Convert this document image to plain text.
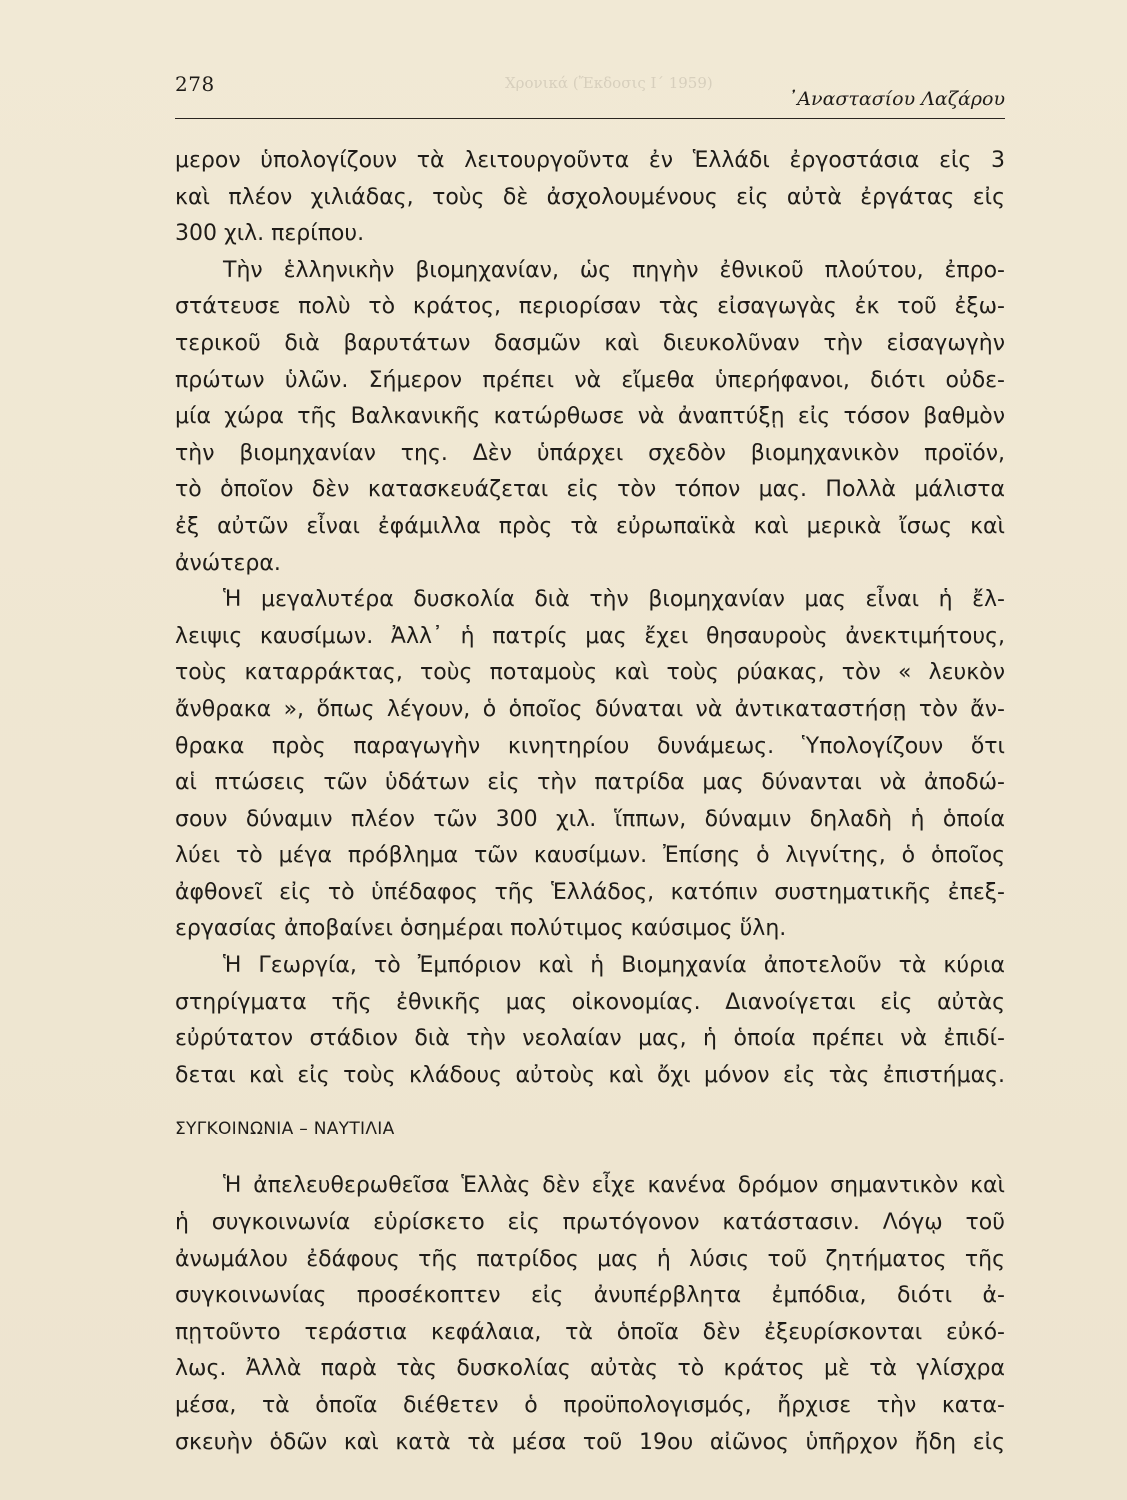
Χρονικά (Ἔκδοσις Ι΄ 1959)
278
᾿Αναστασίου Λαζάρου
μερον ὑπολογίζουν τὰ λειτουργοῦντα ἐν Ἑλλάδι ἐργοστάσια εἰς 3
καὶ πλέον χιλιάδας, τοὺς δὲ ἀσχολουμένους εἰς αὐτὰ ἐργάτας εἰς
300 χιλ. περίπου.
Τὴν ἑλληνικὴν βιομηχανίαν, ὡς πηγὴν ἐθνικοῦ πλούτου, ἐπρο-
στάτευσε πολὺ τὸ κράτος, περιορίσαν τὰς εἰσαγωγὰς ἐκ τοῦ ἐξω-
τερικοῦ διὰ βαρυτάτων δασμῶν καὶ διευκολῦναν τὴν εἰσαγωγὴν
πρώτων ὑλῶν. Σήμερον πρέπει νὰ εἴμεθα ὑπερήφανοι, διότι οὐδε-
μία χώρα τῆς Βαλκανικῆς κατώρθωσε νὰ ἀναπτύξῃ εἰς τόσον βαθμὸν
τὴν βιομηχανίαν της. Δὲν ὑπάρχει σχεδὸν βιομηχανικὸν προϊόν,
τὸ ὁποῖον δὲν κατασκευάζεται εἰς τὸν τόπον μας. Πολλὰ μάλιστα
ἐξ αὐτῶν εἶναι ἐφάμιλλα πρὸς τὰ εὐρωπαϊκὰ καὶ μερικὰ ἴσως καὶ
ἀνώτερα.
Ἡ μεγαλυτέρα δυσκολία διὰ τὴν βιομηχανίαν μας εἶναι ἡ ἔλ-
λειψις καυσίμων. Ἀλλ᾿ ἡ πατρίς μας ἔχει θησαυροὺς ἀνεκτιμήτους,
τοὺς καταρράκτας, τοὺς ποταμοὺς καὶ τοὺς ρύακας, τὸν « λευκὸν
ἄνθρακα », ὅπως λέγουν, ὁ ὁποῖος δύναται νὰ ἀντικαταστήσῃ τὸν ἄν-
θρακα πρὸς παραγωγὴν κινητηρίου δυνάμεως. Ὑπολογίζουν ὅτι
αἱ πτώσεις τῶν ὑδάτων εἰς τὴν πατρίδα μας δύνανται νὰ ἀποδώ-
σουν δύναμιν πλέον τῶν 300 χιλ. ἵππων, δύναμιν δηλαδὴ ἡ ὁποία
λύει τὸ μέγα πρόβλημα τῶν καυσίμων. Ἐπίσης ὁ λιγνίτης, ὁ ὁποῖος
ἀφθονεῖ εἰς τὸ ὑπέδαφος τῆς Ἑλλάδος, κατόπιν συστηματικῆς ἐπεξ-
εργασίας ἀποβαίνει ὁσημέραι πολύτιμος καύσιμος ὕλη.
Ἡ Γεωργία, τὸ Ἐμπόριον καὶ ἡ Βιομηχανία ἀποτελοῦν τὰ κύρια
στηρίγματα τῆς ἐθνικῆς μας οἰκονομίας. Διανοίγεται εἰς αὐτὰς
εὐρύτατον στάδιον διὰ τὴν νεολαίαν μας, ἡ ὁποία πρέπει νὰ ἐπιδί-
δεται καὶ εἰς τοὺς κλάδους αὐτοὺς καὶ ὄχι μόνον εἰς τὰς ἐπιστήμας.
ΣΥΓΚΟΙΝΩΝΙΑ – ΝΑΥΤΙΛΙΑ
Ἡ ἀπελευθερωθεῖσα Ἑλλὰς δὲν εἶχε κανένα δρόμον σημαντικὸν καὶ
ἡ συγκοινωνία εὑρίσκετο εἰς πρωτόγονον κατάστασιν. Λόγῳ τοῦ
ἀνωμάλου ἐδάφους τῆς πατρίδος μας ἡ λύσις τοῦ ζητήματος τῆς
συγκοινωνίας προσέκοπτεν εἰς ἀνυπέρβλητα ἐμπόδια, διότι ἀ-
πῃτοῦντο τεράστια κεφάλαια, τὰ ὁποῖα δὲν ἐξευρίσκονται εὐκό-
λως. Ἀλλὰ παρὰ τὰς δυσκολίας αὐτὰς τὸ κράτος μὲ τὰ γλίσχρα
μέσα, τὰ ὁποῖα διέθετεν ὁ προϋπολογισμός, ἤρχισε τὴν κατα-
σκευὴν ὁδῶν καὶ κατὰ τὰ μέσα τοῦ 19ου αἰῶνος ὑπῆρχον ἤδη εἰς
